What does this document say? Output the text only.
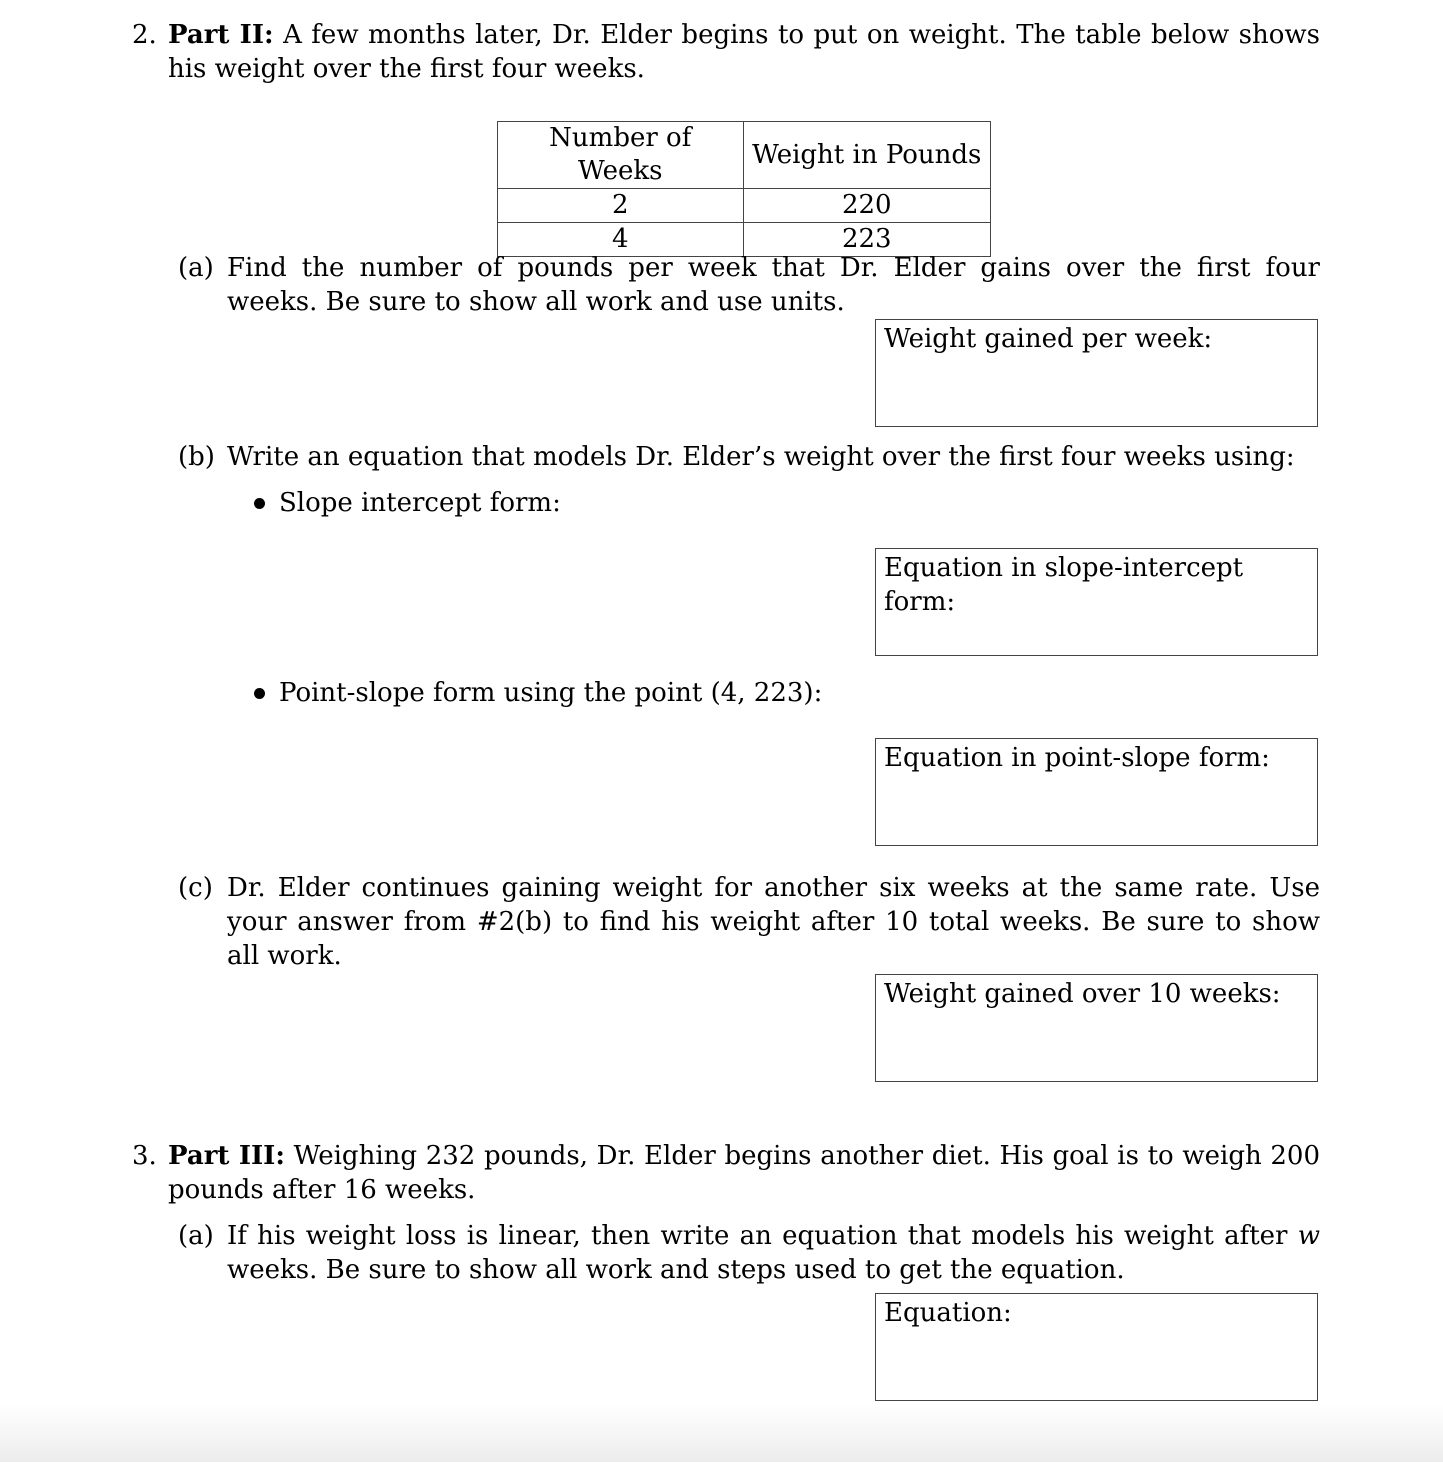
2. Part II: A few months later, Dr. Elder begins to put on weight. The table below shows his weight over the first four weeks.
Number of Weeks	Weight in Pounds
2	220
4	223
(a) Find the number of pounds per week that Dr. Elder gains over the first four weeks. Be sure to show all work and use units.
Weight gained per week:
(b) Write an equation that models Dr. Elder’s weight over the first four weeks using:
Slope intercept form:
Equation in slope-intercept form:
Point-slope form using the point (4, 223):
Equation in point-slope form:
(c) Dr. Elder continues gaining weight for another six weeks at the same rate. Use your answer from #2(b) to find his weight after 10 total weeks. Be sure to show all work.
Weight gained over 10 weeks:
3. Part III: Weighing 232 pounds, Dr. Elder begins another diet. His goal is to weigh 200 pounds after 16 weeks.
(a) If his weight loss is linear, then write an equation that models his weight after w weeks. Be sure to show all work and steps used to get the equation.
Equation:
